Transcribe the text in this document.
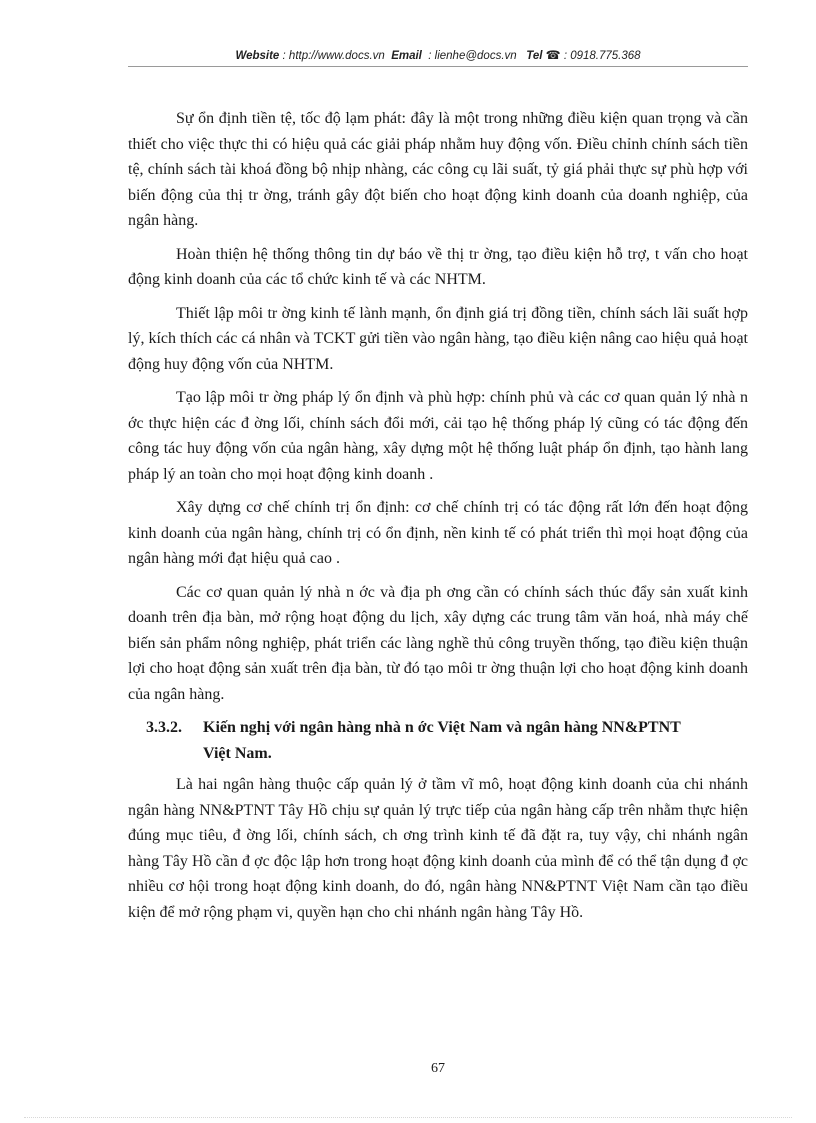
Website : http://www.docs.vn Email : lienhe@docs.vn Tel ☎ : 0918.775.368

Sự ổn định tiền tệ, tốc độ lạm phát: đây là một trong những điều kiện quan trọng và cần thiết cho việc thực thi có hiệu quả các giải pháp nhằm huy động vốn. Điều chỉnh chính sách tiền tệ, chính sách tài khoá đồng bộ nhịp nhàng, các công cụ lãi suất, tỷ giá phải thực sự phù hợp với biến động của thị tr ờng, tránh gây đột biến cho hoạt động kinh doanh của doanh nghiệp, của ngân hàng.

Hoàn thiện hệ thống thông tin dự báo về thị tr ờng, tạo điều kiện hỗ trợ, t vấn cho hoạt động kinh doanh của các tổ chức kinh tế và các NHTM.

Thiết lập môi tr ờng kinh tế lành mạnh, ổn định giá trị đồng tiền, chính sách lãi suất hợp lý, kích thích các cá nhân và TCKT gửi tiền vào ngân hàng, tạo điều kiện nâng cao hiệu quả hoạt động huy động vốn của NHTM.

Tạo lập môi tr ờng pháp lý ổn định và phù hợp: chính phủ và các cơ quan quản lý nhà n ớc thực hiện các đ ờng lối, chính sách đổi mới, cải tạo hệ thống pháp lý cũng có tác động đến công tác huy động vốn của ngân hàng, xây dựng một hệ thống luật pháp ổn định, tạo hành lang pháp lý an toàn cho mọi hoạt động kinh doanh .

Xây dựng cơ chế chính trị ổn định: cơ chế chính trị có tác động rất lớn đến hoạt động kinh doanh của ngân hàng, chính trị có ổn định, nền kinh tế có phát triển thì mọi hoạt động của ngân hàng mới đạt hiệu quả cao .

Các cơ quan quản lý nhà n ớc và địa ph ơng cần có chính sách thúc đẩy sản xuất kinh doanh trên địa bàn, mở rộng hoạt động du lịch, xây dựng các trung tâm văn hoá, nhà máy chế biến sản phẩm nông nghiệp, phát triển các làng nghề thủ công truyền thống, tạo điều kiện thuận lợi cho hoạt động sản xuất trên địa bàn, từ đó tạo môi tr ờng thuận lợi cho hoạt động kinh doanh của ngân hàng.

3.3.2. Kiến nghị với ngân hàng nhà n ớc Việt Nam và ngân hàng NN&PTNT
Việt Nam.

Là hai ngân hàng thuộc cấp quản lý ở tầm vĩ mô, hoạt động kinh doanh của chi nhánh ngân hàng NN&PTNT Tây Hồ chịu sự quản lý trực tiếp của ngân hàng cấp trên nhằm thực hiện đúng mục tiêu, đ ờng lối, chính sách, ch ơng trình kinh tế đã đặt ra, tuy vậy, chi nhánh ngân hàng Tây Hồ cần đ ợc độc lập hơn trong hoạt động kinh doanh của mình để có thể tận dụng đ ợc nhiều cơ hội trong hoạt động kinh doanh, do đó, ngân hàng NN&PTNT Việt Nam cần tạo điều kiện để mở rộng phạm vi, quyền hạn cho chi nhánh ngân hàng Tây Hồ.

67
